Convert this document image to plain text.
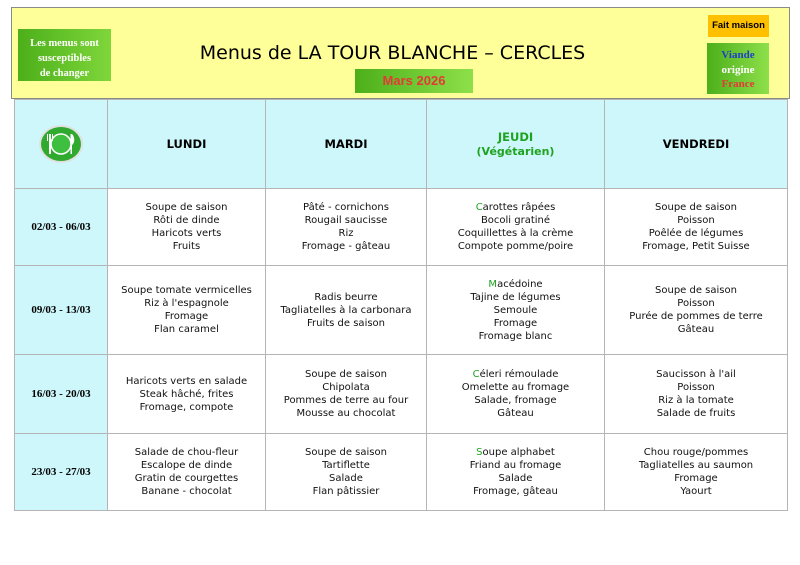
Les menus sont
susceptibles
de changer
Menus de LA TOUR BLANCHE – CERCLES
Mars 2026
Fait maison
Viande
origine
France
	LUNDI	MARDI	JEUDI
(Végétarien)	VENDREDI
02/03 - 06/03	Soupe de saison
Rôti de dinde
Haricots verts
Fruits	Pâté - cornichons
Rougail saucisse
Riz
Fromage - gâteau	Carottes râpées
Bocoli gratiné
Coquillettes à la crème
Compote pomme/poire	Soupe de saison
Poisson
Poêlée de légumes
Fromage, Petit Suisse

09/03 - 13/03	Soupe tomate vermicelles
Riz à l'espagnole
Fromage
Flan caramel	Radis beurre
Tagliatelles à la carbonara
Fruits de saison	Macédoine
Tajine de légumes
Semoule
Fromage
Fromage blanc	Soupe de saison
Poisson
Purée de pommes de terre
Gâteau

16/03 - 20/03	Haricots verts en salade
Steak hâché, frites
Fromage, compote	Soupe de saison
Chipolata
Pommes de terre au four
Mousse au chocolat	Céleri rémoulade
Omelette au fromage
Salade, fromage
Gâteau	Saucisson à l'ail
Poisson
Riz à la tomate
Salade de fruits

23/03 - 27/03	Salade de chou-fleur
Escalope de dinde
Gratin de courgettes
Banane - chocolat	Soupe de saison
Tartiflette
Salade
Flan pâtissier	Soupe alphabet
Friand au fromage
Salade
Fromage, gâteau	Chou rouge/pommes
Tagliatelles au saumon
Fromage
Yaourt
